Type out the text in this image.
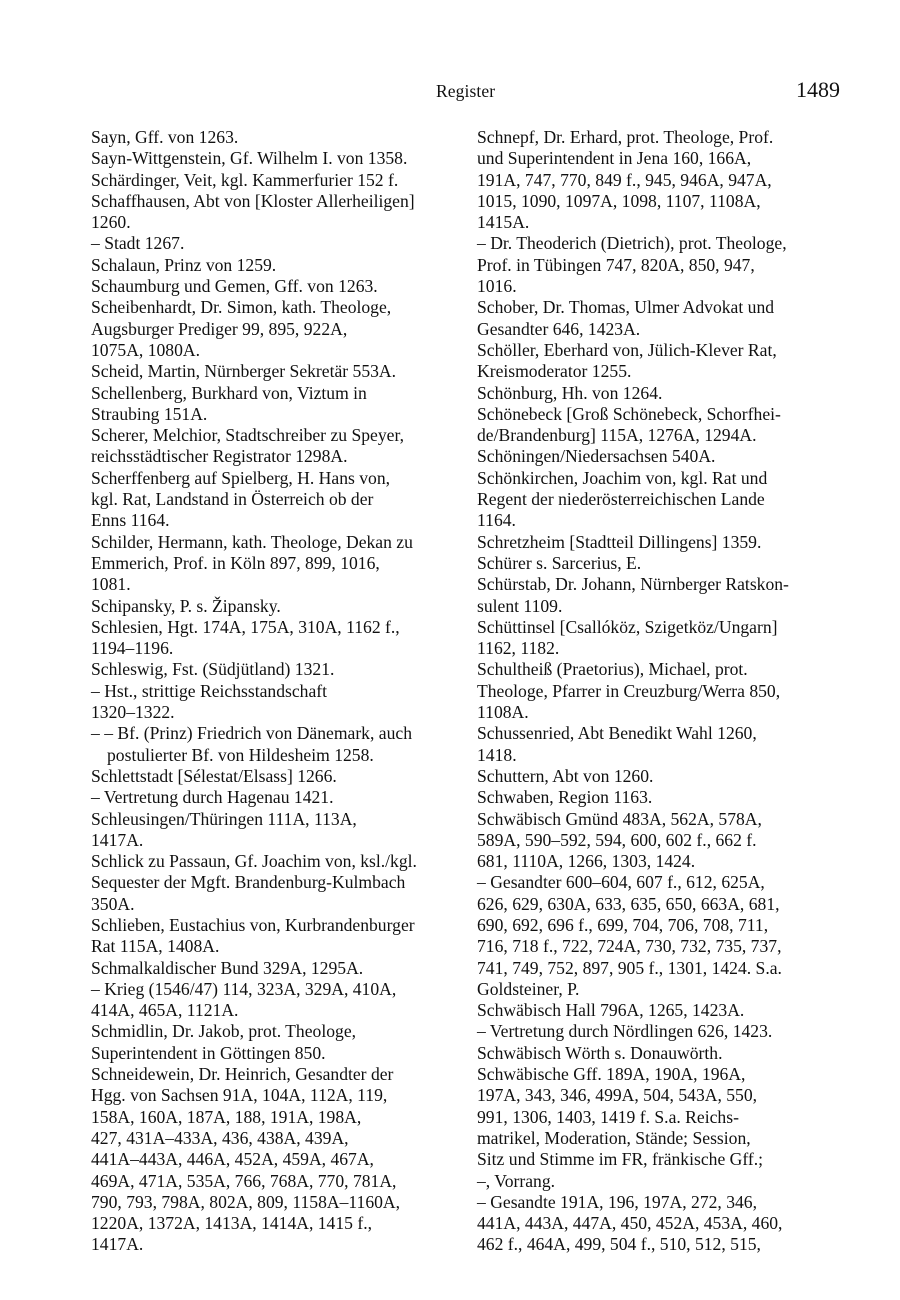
Register	1489
Sayn, Gff. von 1263.
Sayn-Wittgenstein, Gf. Wilhelm I. von 1358.
Schärdinger, Veit, kgl. Kammerfurier 152 f.
Schaffhausen, Abt von [Kloster Allerheiligen]
1260.
– Stadt 1267.
Schalaun, Prinz von 1259.
Schaumburg und Gemen, Gff. von 1263.
Scheibenhardt, Dr. Simon, kath. Theologe,
Augsburger Prediger 99, 895, 922A,
1075A, 1080A.
Scheid, Martin, Nürnberger Sekretär 553A.
Schellenberg, Burkhard von, Viztum in
Straubing 151A.
Scherer, Melchior, Stadtschreiber zu Speyer,
reichsstädtischer Registrator 1298A.
Scherffenberg auf Spielberg, H. Hans von,
kgl. Rat, Landstand in Österreich ob der
Enns 1164.
Schilder, Hermann, kath. Theologe, Dekan zu
Emmerich, Prof. in Köln 897, 899, 1016,
1081.
Schipansky, P. s. Žipansky.
Schlesien, Hgt. 174A, 175A, 310A, 1162 f.,
1194–1196.
Schleswig, Fst. (Südjütland) 1321.
– Hst., strittige Reichsstandschaft
1320–1322.
– – Bf. (Prinz) Friedrich von Dänemark, auch
postulierter Bf. von Hildesheim 1258.
Schlettstadt [Sélestat/Elsass] 1266.
– Vertretung durch Hagenau 1421.
Schleusingen/Thüringen 111A, 113A,
1417A.
Schlick zu Passaun, Gf. Joachim von, ksl./kgl.
Sequester der Mgft. Brandenburg-Kulmbach
350A.
Schlieben, Eustachius von, Kurbrandenburger
Rat 115A, 1408A.
Schmalkaldischer Bund 329A, 1295A.
– Krieg (1546/47) 114, 323A, 329A, 410A,
414A, 465A, 1121A.
Schmidlin, Dr. Jakob, prot. Theologe,
Superintendent in Göttingen 850.
Schneidewein, Dr. Heinrich, Gesandter der
Hgg. von Sachsen 91A, 104A, 112A, 119,
158A, 160A, 187A, 188, 191A, 198A,
427, 431A–433A, 436, 438A, 439A,
441A–443A, 446A, 452A, 459A, 467A,
469A, 471A, 535A, 766, 768A, 770, 781A,
790, 793, 798A, 802A, 809, 1158A–1160A,
1220A, 1372A, 1413A, 1414A, 1415 f.,
1417A.
Schnepf, Dr. Erhard, prot. Theologe, Prof.
und Superintendent in Jena 160, 166A,
191A, 747, 770, 849 f., 945, 946A, 947A,
1015, 1090, 1097A, 1098, 1107, 1108A,
1415A.
– Dr. Theoderich (Dietrich), prot. Theologe,
Prof. in Tübingen 747, 820A, 850, 947,
1016.
Schober, Dr. Thomas, Ulmer Advokat und
Gesandter 646, 1423A.
Schöller, Eberhard von, Jülich-Klever Rat,
Kreismoderator 1255.
Schönburg, Hh. von 1264.
Schönebeck [Groß Schönebeck, Schorfhei-
de/Brandenburg] 115A, 1276A, 1294A.
Schöningen/Niedersachsen 540A.
Schönkirchen, Joachim von, kgl. Rat und
Regent der niederösterreichischen Lande
1164.
Schretzheim [Stadtteil Dillingens] 1359.
Schürer s. Sarcerius, E.
Schürstab, Dr. Johann, Nürnberger Ratskon-
sulent 1109.
Schüttinsel [Csallóköz, Szigetköz/Ungarn]
1162, 1182.
Schultheiß (Praetorius), Michael, prot.
Theologe, Pfarrer in Creuzburg/Werra 850,
1108A.
Schussenried, Abt Benedikt Wahl 1260,
1418.
Schuttern, Abt von 1260.
Schwaben, Region 1163.
Schwäbisch Gmünd 483A, 562A, 578A,
589A, 590–592, 594, 600, 602 f., 662 f.
681, 1110A, 1266, 1303, 1424.
– Gesandter 600–604, 607 f., 612, 625A,
626, 629, 630A, 633, 635, 650, 663A, 681,
690, 692, 696 f., 699, 704, 706, 708, 711,
716, 718 f., 722, 724A, 730, 732, 735, 737,
741, 749, 752, 897, 905 f., 1301, 1424. S.a.
Goldsteiner, P.
Schwäbisch Hall 796A, 1265, 1423A.
– Vertretung durch Nördlingen 626, 1423.
Schwäbisch Wörth s. Donauwörth.
Schwäbische Gff. 189A, 190A, 196A,
197A, 343, 346, 499A, 504, 543A, 550,
991, 1306, 1403, 1419 f. S.a. Reichs-
matrikel, Moderation, Stände; Session,
Sitz und Stimme im FR, fränkische Gff.;
–, Vorrang.
– Gesandte 191A, 196, 197A, 272, 346,
441A, 443A, 447A, 450, 452A, 453A, 460,
462 f., 464A, 499, 504 f., 510, 512, 515,
